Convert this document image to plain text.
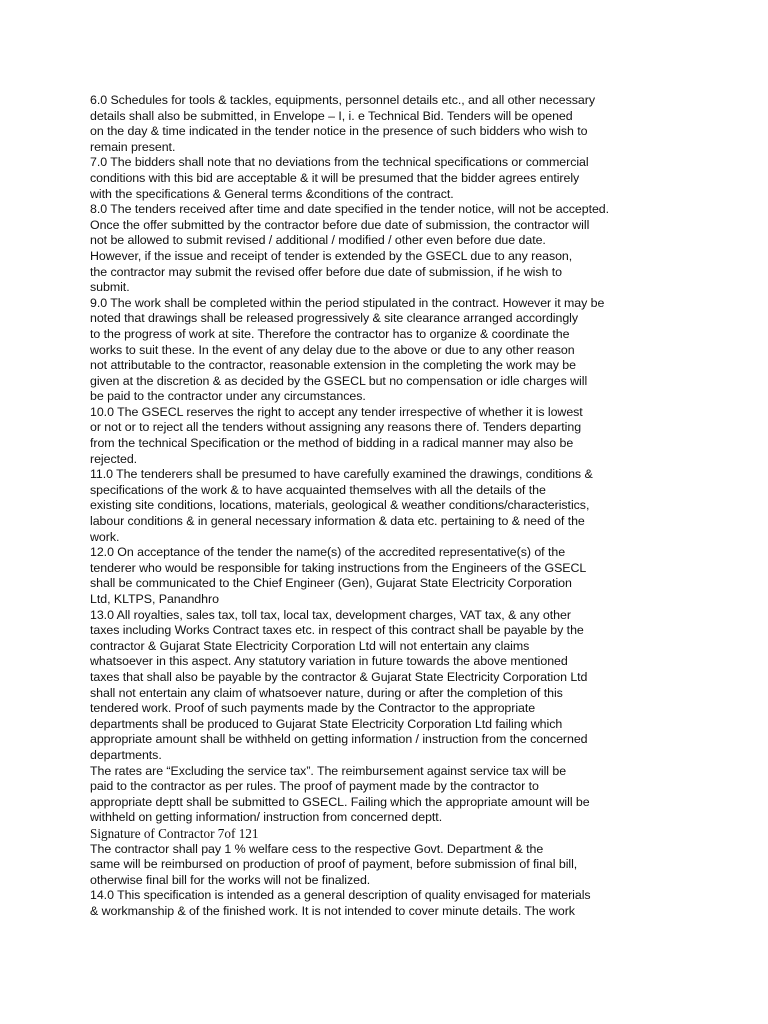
6.0 Schedules for tools & tackles, equipments, personnel details etc., and all other necessary
details shall also be submitted, in Envelope – I, i. e Technical Bid. Tenders will be opened
on the day & time indicated in the tender notice in the presence of such bidders who wish to
remain present.
7.0 The bidders shall note that no deviations from the technical specifications or commercial
conditions with this bid are acceptable & it will be presumed that the bidder agrees entirely
with the specifications & General terms &conditions of the contract.
8.0 The tenders received after time and date specified in the tender notice, will not be accepted.
Once the offer submitted by the contractor before due date of submission, the contractor will
not be allowed to submit revised / additional / modified / other even before due date.
However, if the issue and receipt of tender is extended by the GSECL due to any reason,
the contractor may submit the revised offer before due date of submission, if he wish to
submit.
9.0 The work shall be completed within the period stipulated in the contract. However it may be
noted that drawings shall be released progressively & site clearance arranged accordingly
to the progress of work at site. Therefore the contractor has to organize & coordinate the
works to suit these. In the event of any delay due to the above or due to any other reason
not attributable to the contractor, reasonable extension in the completing the work may be
given at the discretion & as decided by the GSECL but no compensation or idle charges will
be paid to the contractor under any circumstances.
10.0 The GSECL reserves the right to accept any tender irrespective of whether it is lowest
or not or to reject all the tenders without assigning any reasons there of. Tenders departing
from the technical Specification or the method of bidding in a radical manner may also be
rejected.
11.0 The tenderers shall be presumed to have carefully examined the drawings, conditions &
specifications of the work & to have acquainted themselves with all the details of the
existing site conditions, locations, materials, geological & weather conditions/characteristics,
labour conditions & in general necessary information & data etc. pertaining to & need of the
work.
12.0 On acceptance of the tender the name(s) of the accredited representative(s) of the
tenderer who would be responsible for taking instructions from the Engineers of the GSECL
shall be communicated to the Chief Engineer (Gen), Gujarat State Electricity Corporation
Ltd, KLTPS, Panandhro
13.0 All royalties, sales tax, toll tax, local tax, development charges, VAT tax, & any other
taxes including Works Contract taxes etc. in respect of this contract shall be payable by the
contractor & Gujarat State Electricity Corporation Ltd will not entertain any claims
whatsoever in this aspect. Any statutory variation in future towards the above mentioned
taxes that shall also be payable by the contractor & Gujarat State Electricity Corporation Ltd
shall not entertain any claim of whatsoever nature, during or after the completion of this
tendered work. Proof of such payments made by the Contractor to the appropriate
departments shall be produced to Gujarat State Electricity Corporation Ltd failing which
appropriate amount shall be withheld on getting information / instruction from the concerned
departments.
The rates are “Excluding the service tax”. The reimbursement against service tax will be
paid to the contractor as per rules. The proof of payment made by the contractor to
appropriate deptt shall be submitted to GSECL. Failing which the appropriate amount will be
withheld on getting information/ instruction from concerned deptt.
Signature of Contractor 7of 121
The contractor shall pay 1 % welfare cess to the respective Govt. Department & the
same will be reimbursed on production of proof of payment, before submission of final bill,
otherwise final bill for the works will not be finalized.
14.0 This specification is intended as a general description of quality envisaged for materials
& workmanship & of the finished work. It is not intended to cover minute details. The work
